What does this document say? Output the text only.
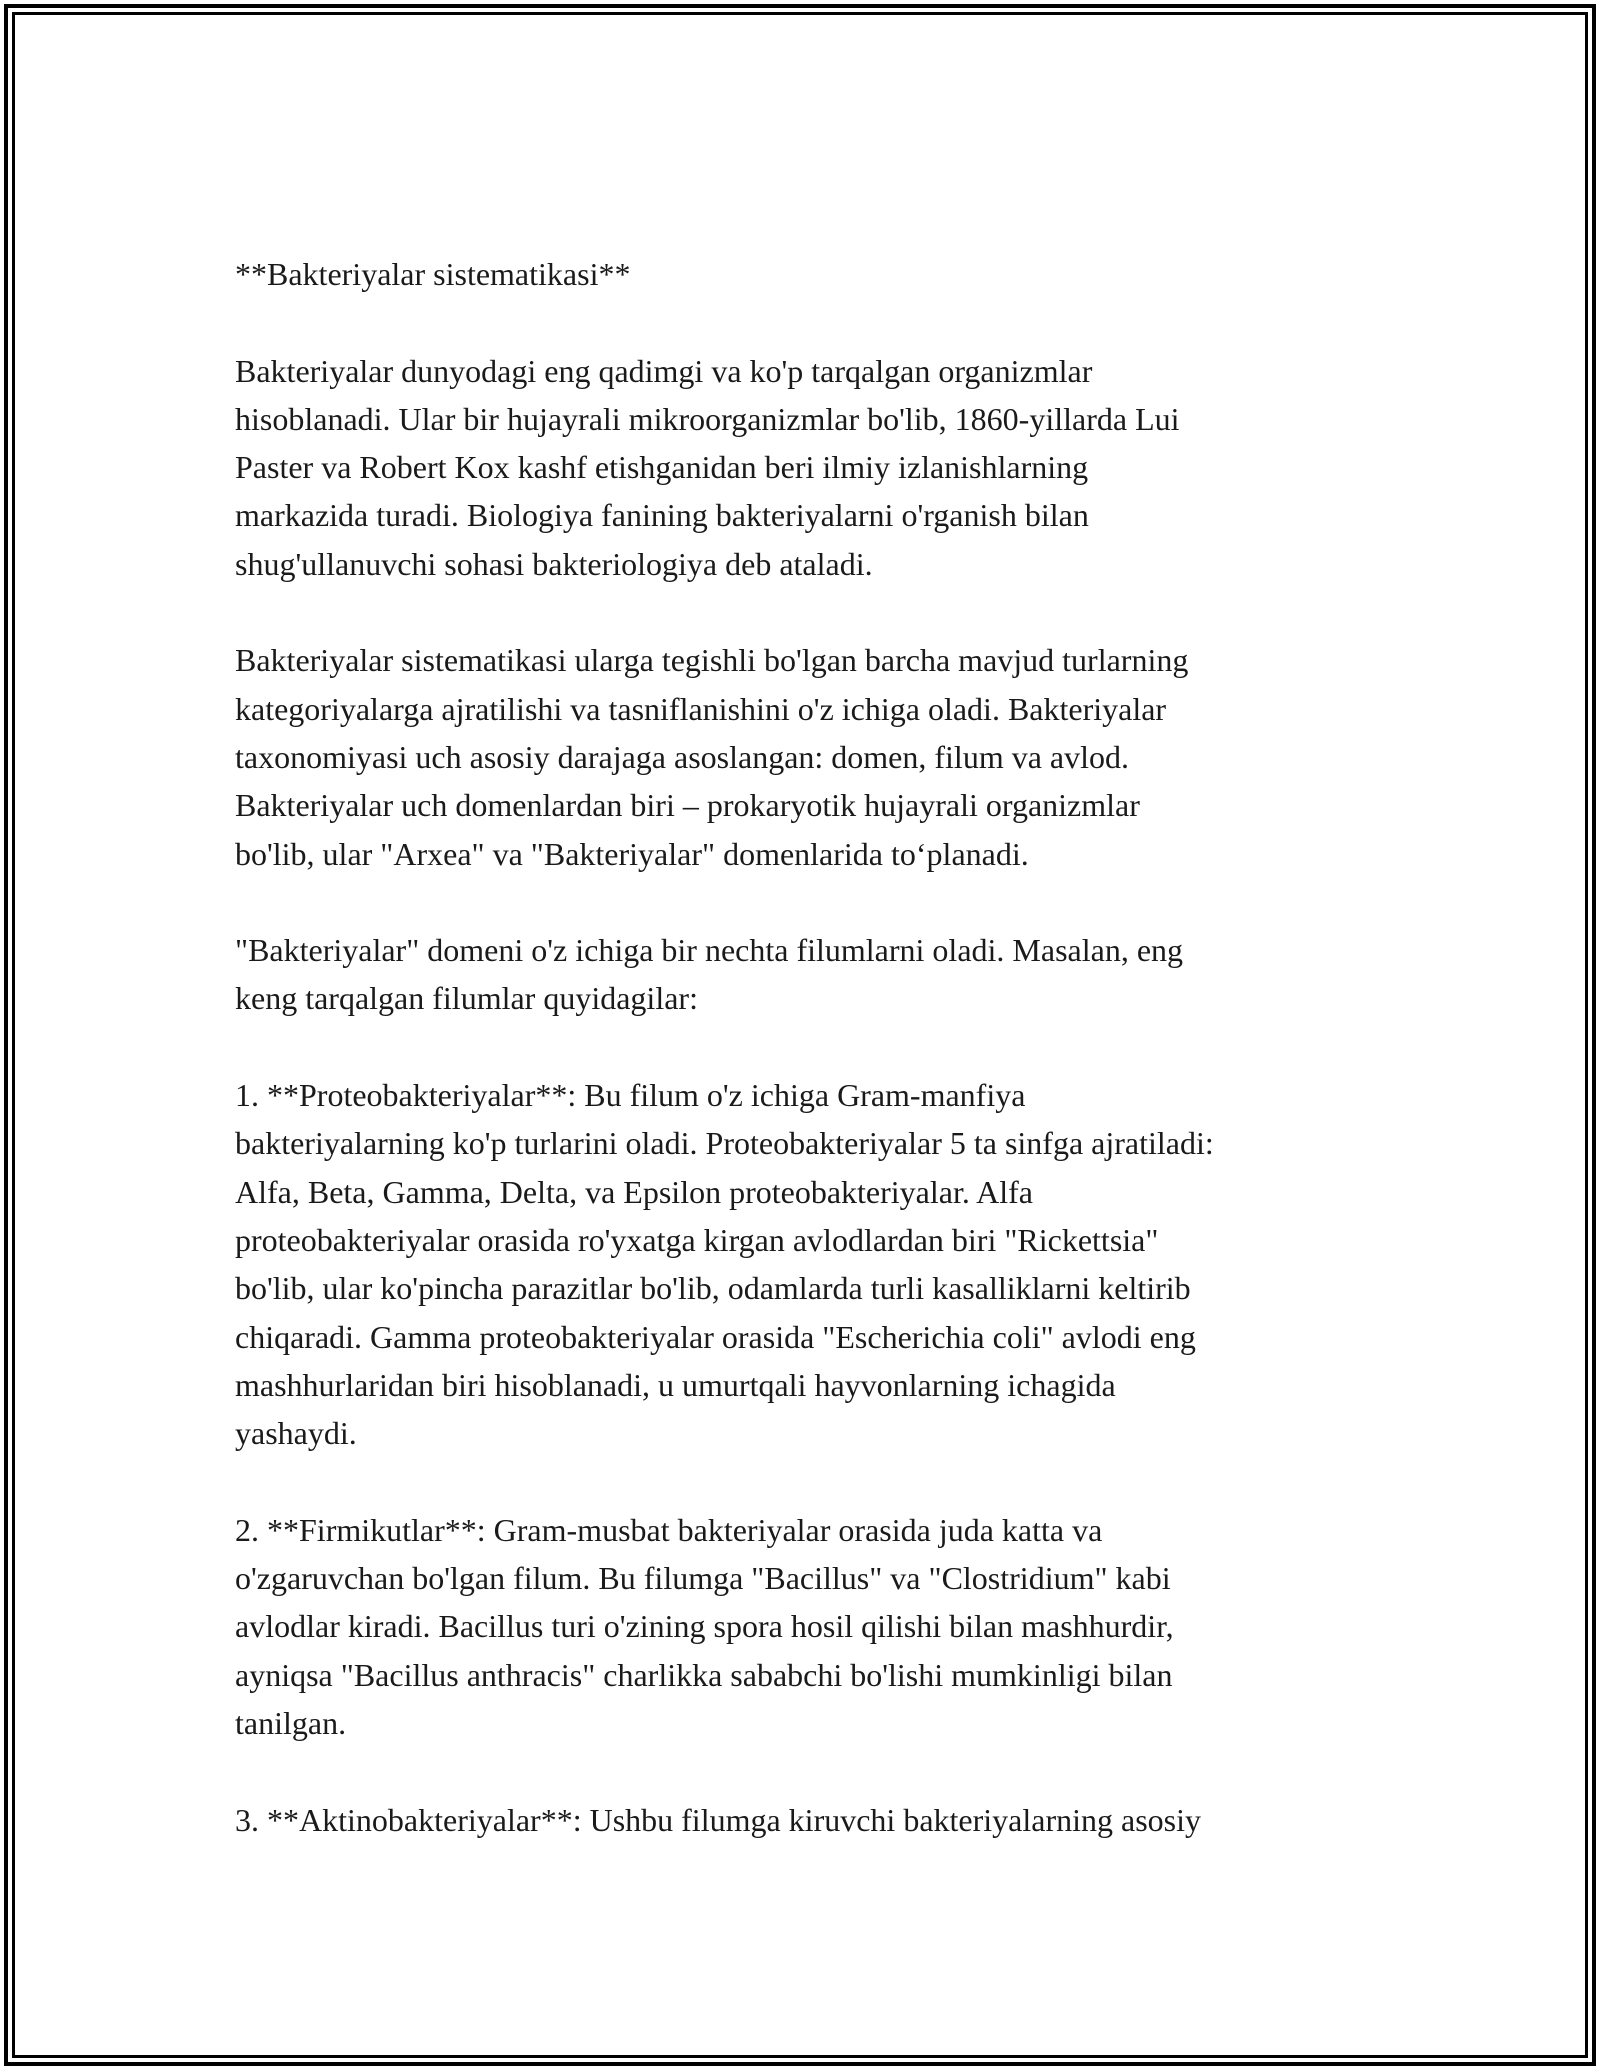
**Bakteriyalar sistematikasi**
Bakteriyalar dunyodagi eng qadimgi va ko'p tarqalgan organizmlar
hisoblanadi. Ular bir hujayrali mikroorganizmlar bo'lib, 1860-yillarda Lui
Paster va Robert Kox kashf etishganidan beri ilmiy izlanishlarning
markazida turadi. Biologiya fanining bakteriyalarni o'rganish bilan
shug'ullanuvchi sohasi bakteriologiya deb ataladi.
Bakteriyalar sistematikasi ularga tegishli bo'lgan barcha mavjud turlarning
kategoriyalarga ajratilishi va tasniflanishini o'z ichiga oladi. Bakteriyalar
taxonomiyasi uch asosiy darajaga asoslangan: domen, filum va avlod.
Bakteriyalar uch domenlardan biri – prokaryotik hujayrali organizmlar
bo'lib, ular "Arxea" va "Bakteriyalar" domenlarida to‘planadi.
"Bakteriyalar" domeni o'z ichiga bir nechta filumlarni oladi. Masalan, eng
keng tarqalgan filumlar quyidagilar:
1. **Proteobakteriyalar**: Bu filum o'z ichiga Gram-manfiya
bakteriyalarning ko'p turlarini oladi. Proteobakteriyalar 5 ta sinfga ajratiladi:
Alfa, Beta, Gamma, Delta, va Epsilon proteobakteriyalar. Alfa
proteobakteriyalar orasida ro'yxatga kirgan avlodlardan biri "Rickettsia"
bo'lib, ular ko'pincha parazitlar bo'lib, odamlarda turli kasalliklarni keltirib
chiqaradi. Gamma proteobakteriyalar orasida "Escherichia coli" avlodi eng
mashhurlaridan biri hisoblanadi, u umurtqali hayvonlarning ichagida
yashaydi.
2. **Firmikutlar**: Gram-musbat bakteriyalar orasida juda katta va
o'zgaruvchan bo'lgan filum. Bu filumga "Bacillus" va "Clostridium" kabi
avlodlar kiradi. Bacillus turi o'zining spora hosil qilishi bilan mashhurdir,
ayniqsa "Bacillus anthracis" charlikka sababchi bo'lishi mumkinligi bilan
tanilgan.
3. **Aktinobakteriyalar**: Ushbu filumga kiruvchi bakteriyalarning asosiy
